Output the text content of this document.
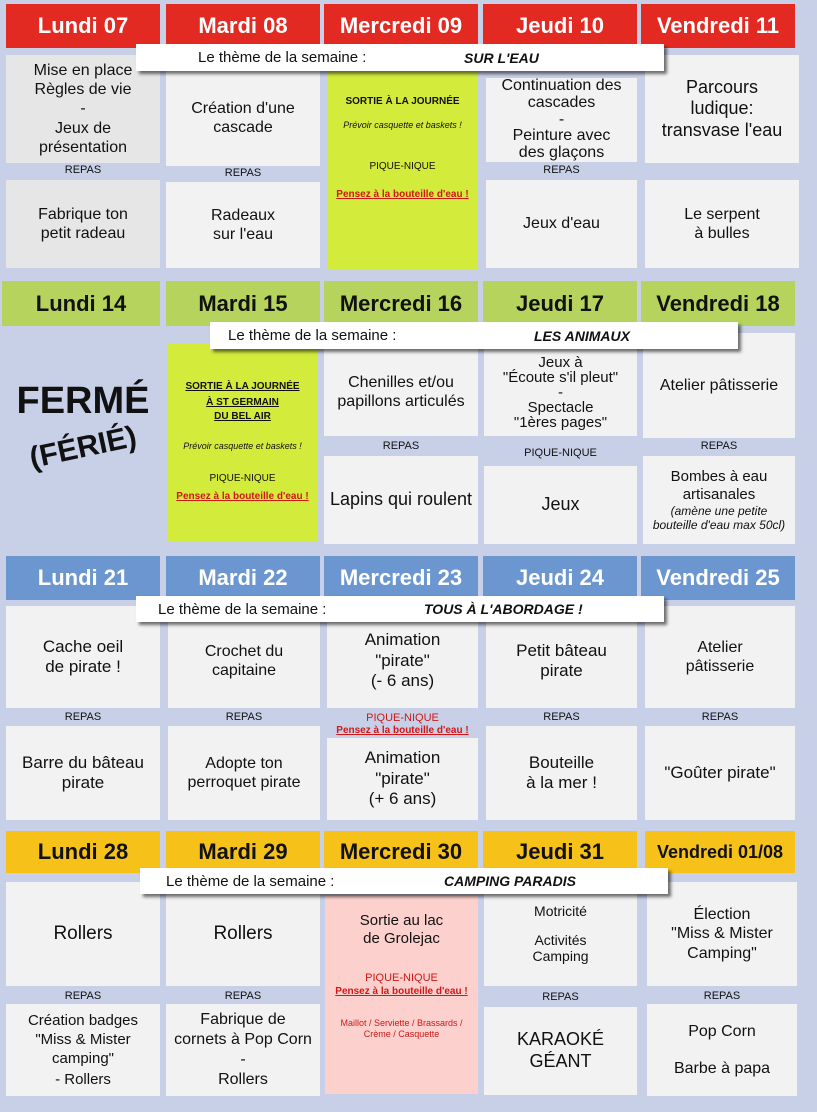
Lundi 07	Mardi 08	Mercredi 09	Jeudi 10	Vendredi 11
Mise en place
Règles de vie
-
Jeux de
présentation
REPAS
Fabrique ton
petit radeau
Création d'une
cascade
REPAS
Radeaux
sur l'eau
SORTIE À LA JOURNÉE
Prévoir casquette et baskets !
PIQUE-NIQUE
Pensez à la bouteille d'eau !
Continuation des
cascades
-
Peinture avec
des glaçons
REPAS
Jeux d'eau
Parcours
ludique:
transvase l'eau
Le serpent
à bulles
Le thème de la semaine :	SUR L'EAU
Lundi 14	Mardi 15	Mercredi 16	Jeudi 17	Vendredi 18
FERMÉ
(FÉRIÉ)
SORTIE À LA JOURNÉE
À ST GERMAIN
DU BEL AIR
Prévoir casquette et baskets !
PIQUE-NIQUE
Pensez à la bouteille d'eau !
Chenilles et/ou
papillons articulés
REPAS
Lapins qui roulent
Jeux à
"Écoute s'il pleut"
-
Spectacle
"1ères pages"
PIQUE-NIQUE
Jeux
Atelier pâtisserie
REPAS
Bombes à eau
artisanales
(amène une petite
bouteille d'eau max 50cl)
Le thème de la semaine :	LES ANIMAUX
Lundi 21	Mardi 22	Mercredi 23	Jeudi 24	Vendredi 25
Cache oeil
de pirate !
REPAS
Barre du bâteau
pirate
Crochet du
capitaine
REPAS
Adopte ton
perroquet pirate
Animation
"pirate"
(- 6 ans)
PIQUE-NIQUE
Pensez à la bouteille d'eau !
Animation
"pirate"
(+ 6 ans)
Petit bâteau
pirate
REPAS
Bouteille
à la mer !
Atelier
pâtisserie
REPAS
"Goûter pirate"
Le thème de la semaine :	TOUS À L'ABORDAGE !
Lundi 28	Mardi 29	Mercredi 30	Jeudi 31	Vendredi 01/08
Rollers
REPAS
Création badges
"Miss & Mister
camping"
- Rollers
Rollers
REPAS
Fabrique de
cornets à Pop Corn
-
Rollers
Sortie au lac
de Grolejac
PIQUE-NIQUE
Pensez à la bouteille d'eau !
Maillot / Serviette / Brassards /
Crème / Casquette
Motricité
Activités
Camping
REPAS
KARAOKÉ
GÉANT
Élection
"Miss & Mister
Camping"
REPAS
Pop Corn
Barbe à papa
Le thème de la semaine :	CAMPING PARADIS
